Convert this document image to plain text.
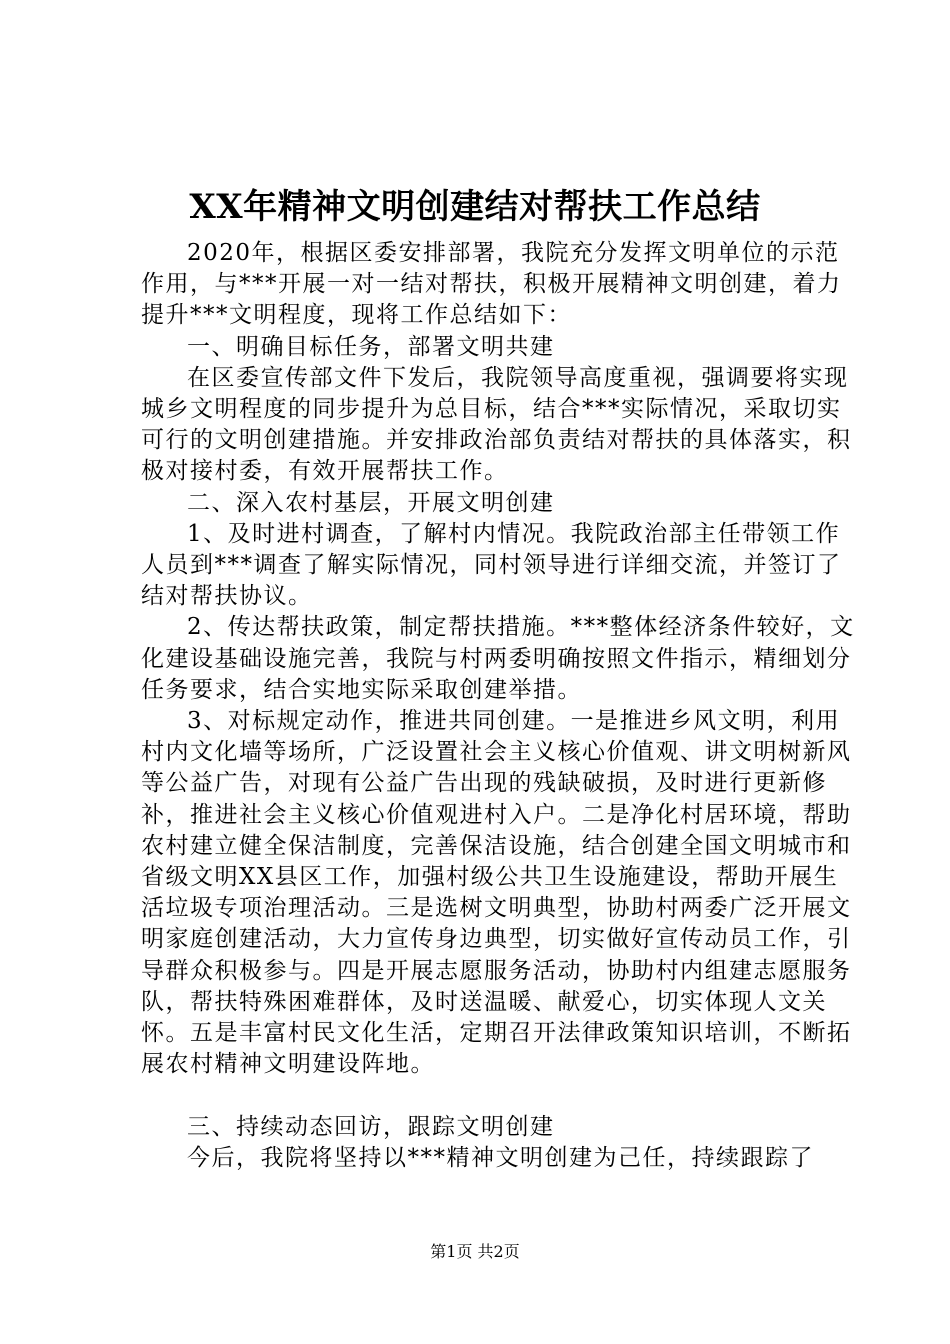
XX年精神文明创建结对帮扶工作总结

2020年，根据区委安排部署，我院充分发挥文明单位的示范作用，与***开展一对一结对帮扶，积极开展精神文明创建，着力提升***文明程度，现将工作总结如下：

一、明确目标任务，部署文明共建

在区委宣传部文件下发后，我院领导高度重视，强调要将实现城乡文明程度的同步提升为总目标，结合***实际情况，采取切实可行的文明创建措施。并安排政治部负责结对帮扶的具体落实，积极对接村委，有效开展帮扶工作。

二、深入农村基层，开展文明创建

1、及时进村调查，了解村内情况。我院政治部主任带领工作人员到***调查了解实际情况，同村领导进行详细交流，并签订了结对帮扶协议。

2、传达帮扶政策，制定帮扶措施。***整体经济条件较好，文化建设基础设施完善，我院与村两委明确按照文件指示，精细划分任务要求，结合实地实际采取创建举措。

3、对标规定动作，推进共同创建。一是推进乡风文明，利用村内文化墙等场所，广泛设置社会主义核心价值观、讲文明树新风等公益广告，对现有公益广告出现的残缺破损，及时进行更新修补，推进社会主义核心价值观进村入户。二是净化村居环境，帮助农村建立健全保洁制度，完善保洁设施，结合创建全国文明城市和省级文明XX县区工作，加强村级公共卫生设施建设，帮助开展生活垃圾专项治理活动。三是选树文明典型，协助村两委广泛开展文明家庭创建活动，大力宣传身边典型，切实做好宣传动员工作，引导群众积极参与。四是开展志愿服务活动，协助村内组建志愿服务队，帮扶特殊困难群体，及时送温暖、献爱心，切实体现人文关怀。五是丰富村民文化生活，定期召开法律政策知识培训，不断拓展农村精神文明建设阵地。

三、持续动态回访，跟踪文明创建

今后，我院将坚持以***精神文明创建为己任，持续跟踪了

第1页 共2页
